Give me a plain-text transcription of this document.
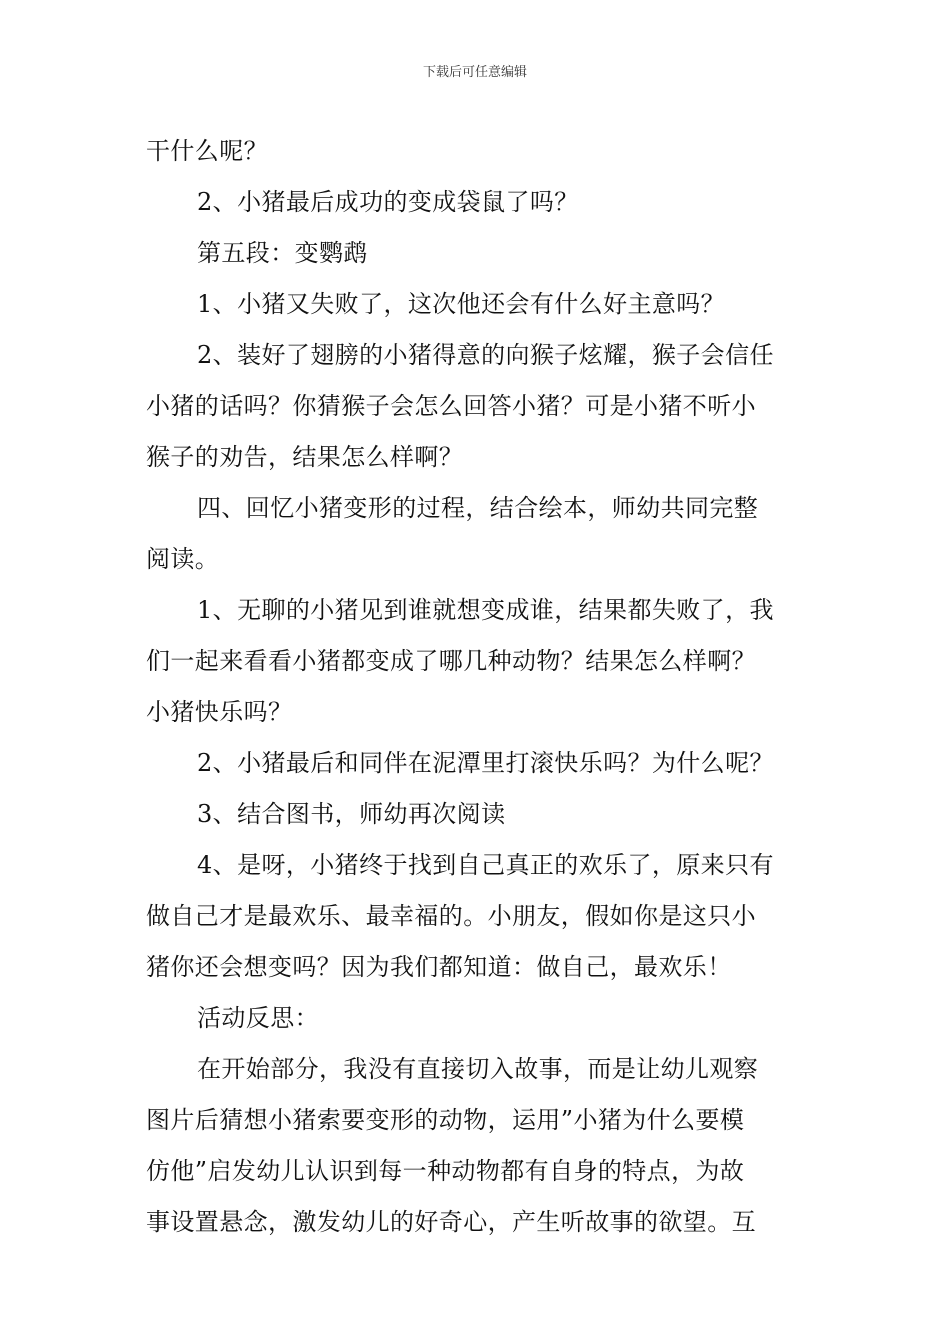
下载后可任意编辑
干什么呢？
2、小猪最后成功的变成袋鼠了吗？
第五段：变鹦鹉
1、小猪又失败了，这次他还会有什么好主意吗？
2、装好了翅膀的小猪得意的向猴子炫耀，猴子会信任
小猪的话吗？你猜猴子会怎么回答小猪？可是小猪不听小
猴子的劝告，结果怎么样啊？
四、回忆小猪变形的过程，结合绘本，师幼共同完整
阅读。
1、无聊的小猪见到谁就想变成谁，结果都失败了，我
们一起来看看小猪都变成了哪几种动物？结果怎么样啊？
小猪快乐吗？
2、小猪最后和同伴在泥潭里打滚快乐吗？为什么呢？
3、结合图书，师幼再次阅读
4、是呀，小猪终于找到自己真正的欢乐了，原来只有
做自己才是最欢乐、最幸福的。小朋友，假如你是这只小
猪你还会想变吗？因为我们都知道：做自己，最欢乐！
活动反思：
在开始部分，我没有直接切入故事，而是让幼儿观察
图片后猜想小猪索要变形的动物，运用”小猪为什么要模
仿他”启发幼儿认识到每一种动物都有自身的特点，为故
事设置悬念，激发幼儿的好奇心，产生听故事的欲望。互
